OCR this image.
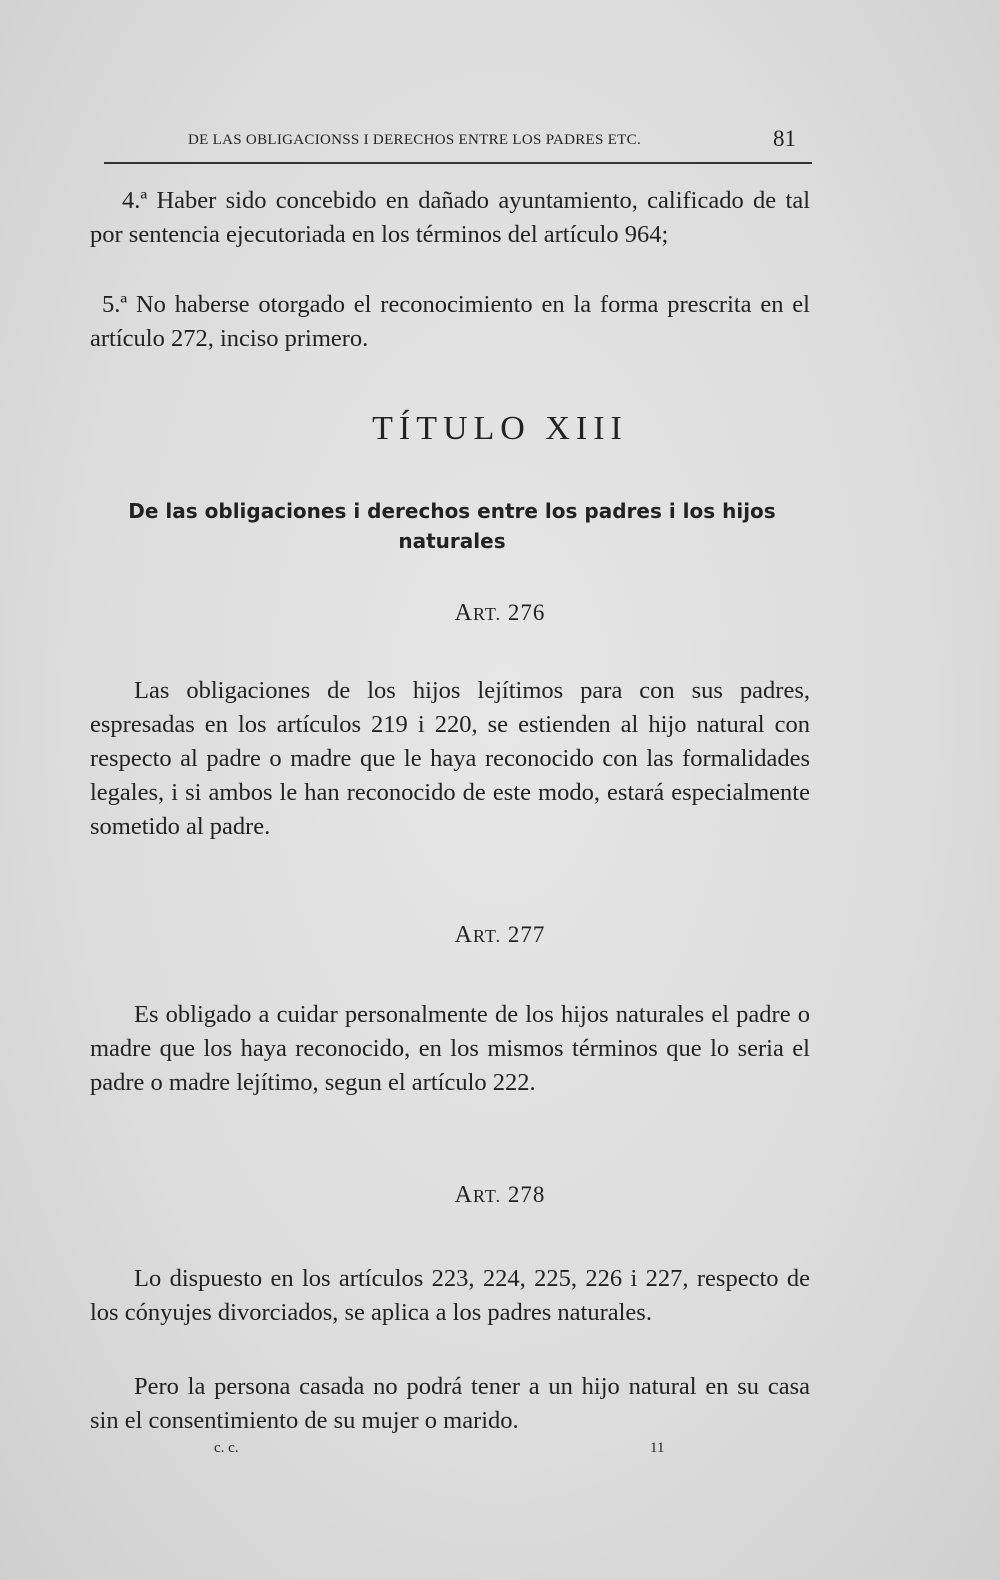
DE LAS OBLIGACIONSS I DERECHOS ENTRE LOS PADRES ETC.	81

4.ª Haber sido concebido en dañado ayuntamiento, calificado de tal por sentencia ejecutoriada en los términos del artículo 964;

5.ª No haberse otorgado el reconocimiento en la forma prescrita en el artículo 272, inciso primero.

TÍTULO XIII
De las obligaciones i derechos entre los padres i los hijos naturales
ART. 276

Las obligaciones de los hijos lejítimos para con sus padres, espresadas en los artículos 219 i 220, se estienden al hijo natural con respecto al padre o madre que le haya reconocido con las formalidades legales, i si ambos le han reconocido de este modo, estará especialmente sometido al padre.

ART. 277

Es obligado a cuidar personalmente de los hijos naturales el padre o madre que los haya reconocido, en los mismos términos que lo seria el padre o madre lejítimo, segun el artículo 222.

ART. 278

Lo dispuesto en los artículos 223, 224, 225, 226 i 227, respecto de los cónyujes divorciados, se aplica a los padres naturales.

Pero la persona casada no podrá tener a un hijo natural en su casa sin el consentimiento de su mujer o marido.

c. c.	11
